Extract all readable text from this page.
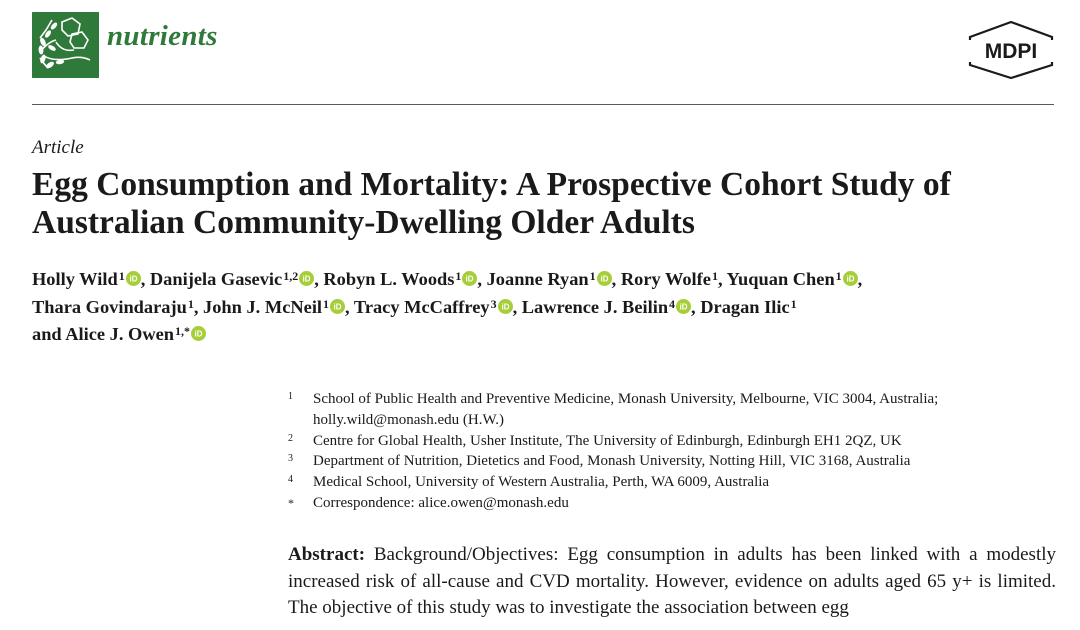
nutrients	MDPI
Article
Egg Consumption and Mortality: A Prospective Cohort Study of Australian Community-Dwelling Older Adults

Holly Wild$^1$ iD , Danijela Gasevic$^{1,2}$ iD , Robyn L. Woods$^1$ iD , Joanne Ryan$^1$ iD , Rory Wolfe$^1$, Yuquan Chen$^1$ iD ,
Thara Govindaraju$^1$, John J. McNeil$^1$ iD , Tracy McCaffrey$^3$ iD , Lawrence J. Beilin$^4$ iD , Dragan Ilic$^1$
and Alice J. Owen$^{1,*}$ iD

1 School of Public Health and Preventive Medicine, Monash University, Melbourne, VIC 3004, Australia;
holly.wild@monash.edu (H.W.)
2 Centre for Global Health, Usher Institute, The University of Edinburgh, Edinburgh EH1 2QZ, UK
3 Department of Nutrition, Dietetics and Food, Monash University, Notting Hill, VIC 3168, Australia
4 Medical School, University of Western Australia, Perth, WA 6009, Australia
* Correspondence: alice.owen@monash.edu

Abstract: Background/Objectives: Egg consumption in adults has been linked with a modestly increased risk of all-cause and CVD mortality. However, evidence on adults aged 65 y+ is limited. The objective of this study was to investigate the association between egg
